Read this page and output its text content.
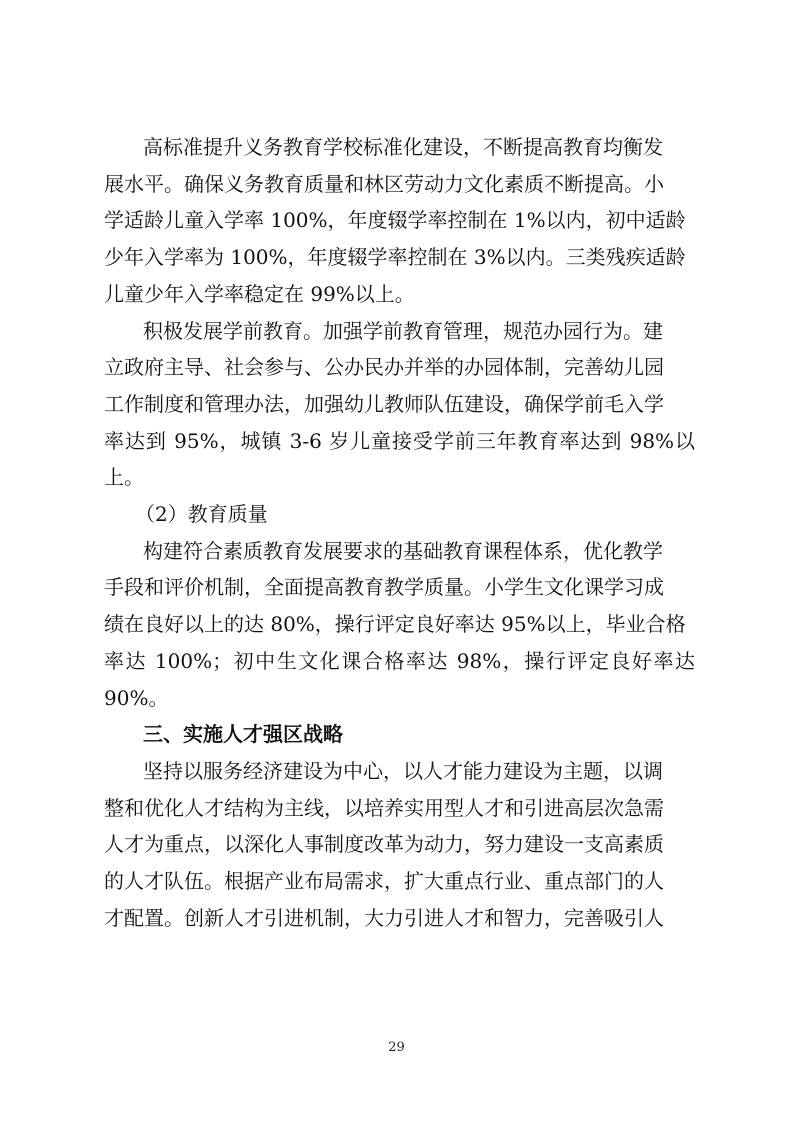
高标准提升义务教育学校标准化建设，不断提高教育均衡发

展水平。确保义务教育质量和林区劳动力文化素质不断提高。小

学适龄儿童入学率 100%，年度辍学率控制在 1%以内，初中适龄

少年入学率为 100%，年度辍学率控制在 3%以内。三类残疾适龄

儿童少年入学率稳定在 99%以上。

积极发展学前教育。加强学前教育管理，规范办园行为。建

立政府主导、社会参与、公办民办并举的办园体制，完善幼儿园

工作制度和管理办法，加强幼儿教师队伍建设，确保学前毛入学

率达到 95%，城镇 3-6 岁儿童接受学前三年教育率达到 98%以上。

（2）教育质量

构建符合素质教育发展要求的基础教育课程体系，优化教学

手段和评价机制，全面提高教育教学质量。小学生文化课学习成

绩在良好以上的达 80%，操行评定良好率达 95%以上，毕业合格

率达 100%；初中生文化课合格率达 98%，操行评定良好率达 90%。

三、实施人才强区战略

坚持以服务经济建设为中心，以人才能力建设为主题，以调

整和优化人才结构为主线，以培养实用型人才和引进高层次急需

人才为重点，以深化人事制度改革为动力，努力建设一支高素质

的人才队伍。根据产业布局需求，扩大重点行业、重点部门的人

才配置。创新人才引进机制，大力引进人才和智力，完善吸引人

29
